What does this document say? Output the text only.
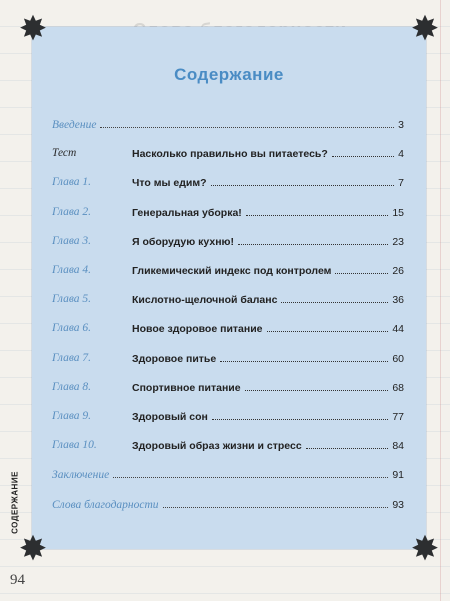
✸	✸
✸	✸
Содержание
Введение	3
Тест	Насколько правильно вы питаетесь?	4
Глава 1.	Что мы едим?	7
Глава 2.	Генеральная уборка!	15
Глава 3.	Я оборудую кухню!	23
Глава 4.	Гликемический индекс под контролем	26
Глава 5.	Кислотно-щелочной баланс	36
Глава 6.	Новое здоровое питание	44
Глава 7.	Здоровое питье	60
Глава 8.	Спортивное питание	68
Глава 9.	Здоровый сон	77
Глава 10.	Здоровый образ жизни и стресс	84
Заключение	91
Слова благодарности	93
СОДЕРЖАНИЕ
94
